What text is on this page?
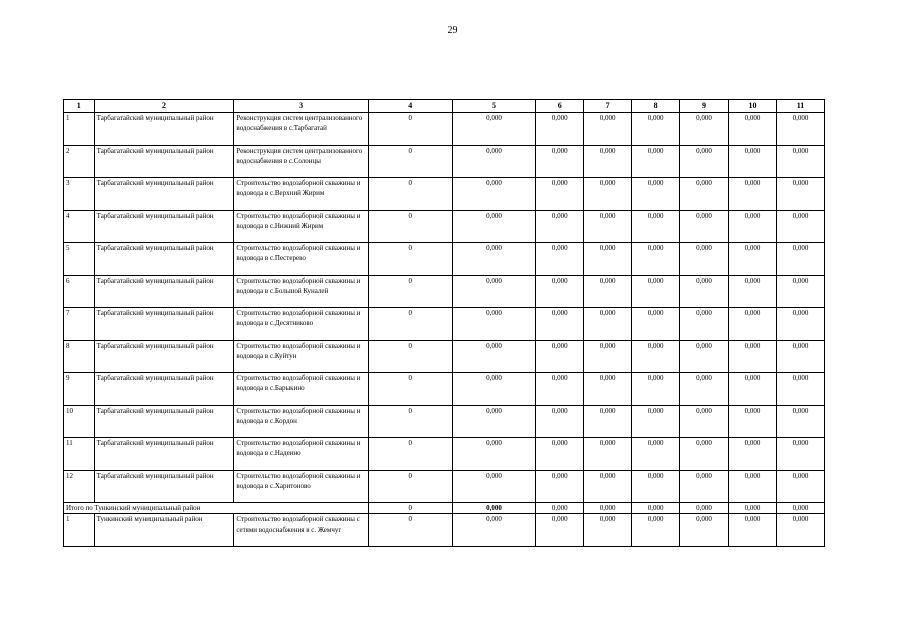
29
1	2	3	4	5	6	7	8	9	10	11
1	Тарбагатайский муниципальный район	Реконструкция систем централизованного водоснабжения в с.Тарбагатай	0	0,000	0,000	0,000	0,000	0,000	0,000	0,000
2	Тарбагатайский муниципальный район	Реконструкция систем централизованного водоснабжения в с.Солонцы	0	0,000	0,000	0,000	0,000	0,000	0,000	0,000
3	Тарбагатайский муниципальный район	Строительство водозаборной скважины и водовода в с.Верхний Жирим	0	0,000	0,000	0,000	0,000	0,000	0,000	0,000
4	Тарбагатайский муниципальный район	Строительство водозаборной скважины и водовода в с.Нижний Жирим	0	0,000	0,000	0,000	0,000	0,000	0,000	0,000
5	Тарбагатайский муниципальный район	Строительство водозаборной скважины и водовода в с.Пестерево	0	0,000	0,000	0,000	0,000	0,000	0,000	0,000
6	Тарбагатайский муниципальный район	Строительство водозаборной скважины и водовода в с.Большой Куналей	0	0,000	0,000	0,000	0,000	0,000	0,000	0,000
7	Тарбагатайский муниципальный район	Строительство водозаборной скважины и водовода в с.Десятниково	0	0,000	0,000	0,000	0,000	0,000	0,000	0,000
8	Тарбагатайский муниципальный район	Строительство водозаборной скважины и водовода в с.Куйтун	0	0,000	0,000	0,000	0,000	0,000	0,000	0,000
9	Тарбагатайский муниципальный район	Строительство водозаборной скважины и водовода в с.Барыкино	0	0,000	0,000	0,000	0,000	0,000	0,000	0,000
10	Тарбагатайский муниципальный район	Строительство водозаборной скважины и водовода в с.Кордон	0	0,000	0,000	0,000	0,000	0,000	0,000	0,000
11	Тарбагатайский муниципальный район	Строительство водозаборной скважины и водовода в с.Надеино	0	0,000	0,000	0,000	0,000	0,000	0,000	0,000
12	Тарбагатайский муниципальный район	Строительство водозаборной скважины и водовода в с.Харитоново	0	0,000	0,000	0,000	0,000	0,000	0,000	0,000
Итого по Тункинский муниципальный район			0	0,000	0,000	0,000	0,000	0,000	0,000	0,000
1	Тункинский муниципальный район	Строительство водозаборной скважины с сетями водоснабжения в с. Жемчуг	0	0,000	0,000	0,000	0,000	0,000	0,000	0,000
